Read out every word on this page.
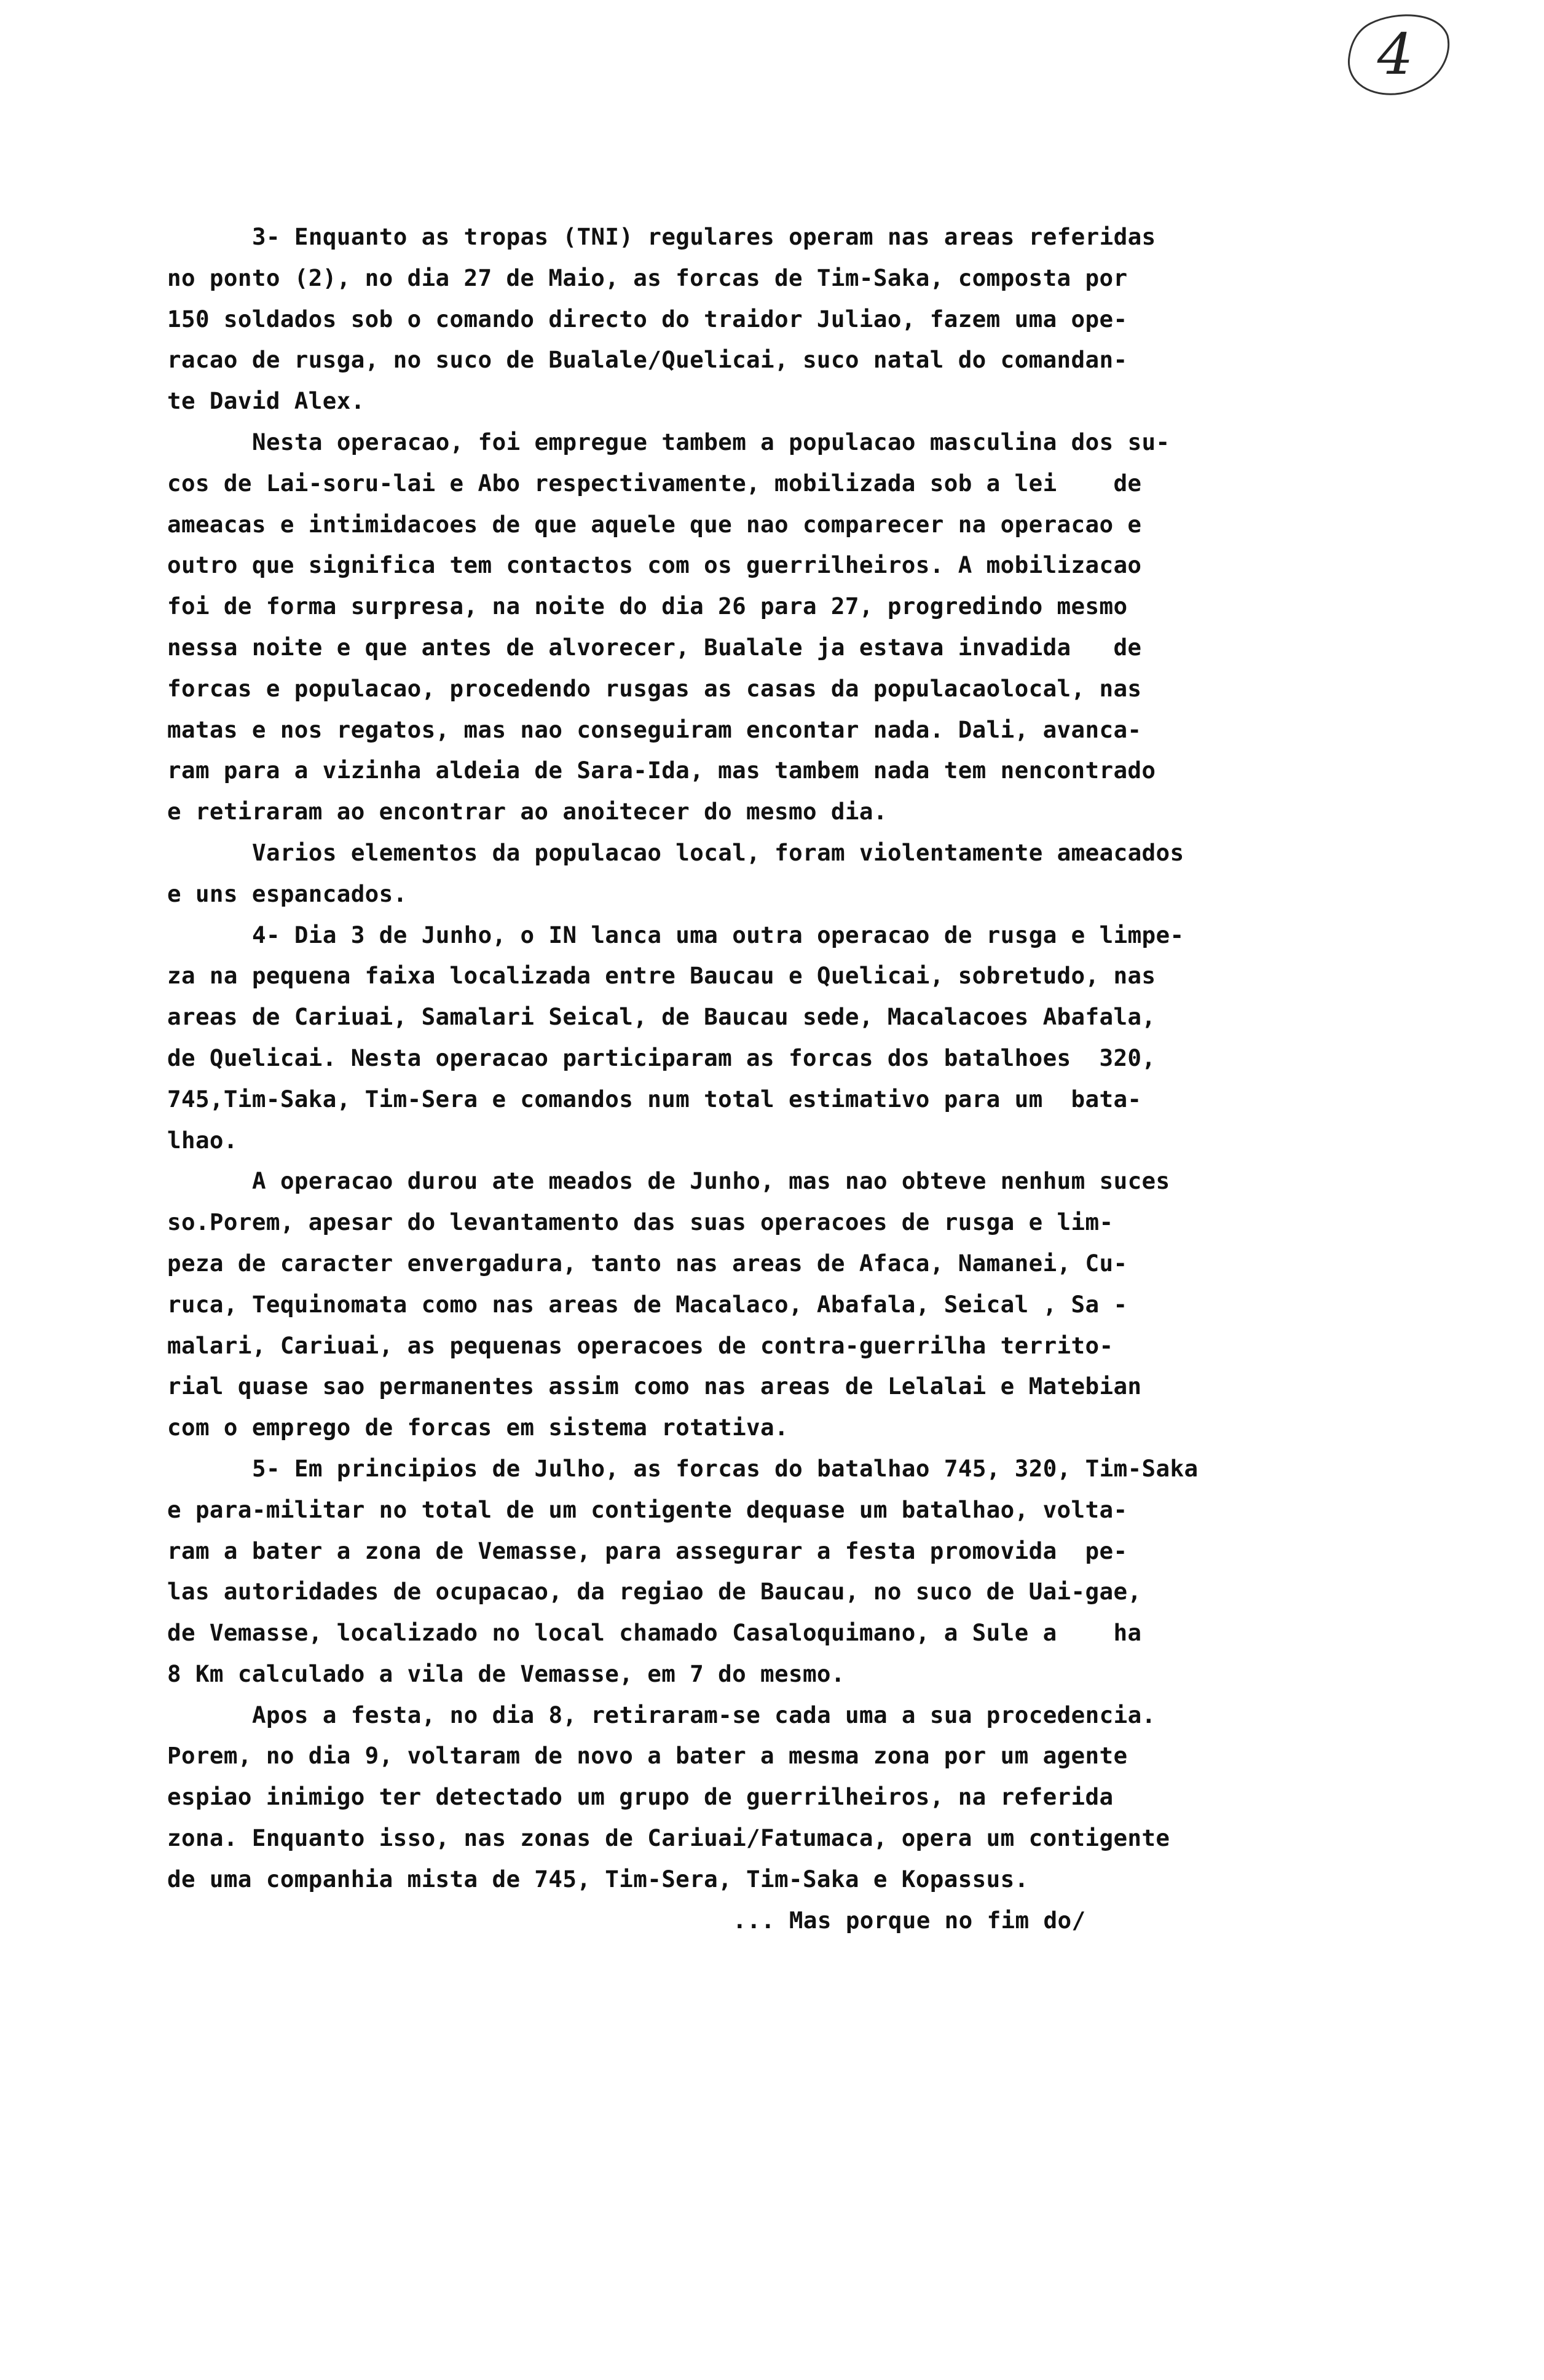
4
3- Enquanto as tropas (TNI) regulares operam nas areas referidas
no ponto (2), no dia 27 de Maio, as forcas de Tim-Saka, composta por
150 soldados sob o comando directo do traidor Juliao, fazem uma ope-
racao de rusga, no suco de Bualale/Quelicai, suco natal do comandan-
te David Alex.
Nesta operacao, foi empregue tambem a populacao masculina dos su-
cos de Lai-soru-lai e Abo respectivamente, mobilizada sob a lei    de
ameacas e intimidacoes de que aquele que nao comparecer na operacao e
outro que significa tem contactos com os guerrilheiros. A mobilizacao
foi de forma surpresa, na noite do dia 26 para 27, progredindo mesmo
nessa noite e que antes de alvorecer, Bualale ja estava invadida   de
forcas e populacao, procedendo rusgas as casas da populacaolocal, nas
matas e nos regatos, mas nao conseguiram encontar nada. Dali, avanca-
ram para a vizinha aldeia de Sara-Ida, mas tambem nada tem nencontrado
e retiraram ao encontrar ao anoitecer do mesmo dia.
Varios elementos da populacao local, foram violentamente ameacados
e uns espancados.
4- Dia 3 de Junho, o IN lanca uma outra operacao de rusga e limpe-
za na pequena faixa localizada entre Baucau e Quelicai, sobretudo, nas
areas de Cariuai, Samalari Seical, de Baucau sede, Macalacoes Abafala,
de Quelicai. Nesta operacao participaram as forcas dos batalhoes  320,
745,Tim-Saka, Tim-Sera e comandos num total estimativo para um  bata-
lhao.
A operacao durou ate meados de Junho, mas nao obteve nenhum suces
so.Porem, apesar do levantamento das suas operacoes de rusga e lim-
peza de caracter envergadura, tanto nas areas de Afaca, Namanei, Cu-
ruca, Tequinomata como nas areas de Macalaco, Abafala, Seical , Sa -
malari, Cariuai, as pequenas operacoes de contra-guerrilha territo-
rial quase sao permanentes assim como nas areas de Lelalai e Matebian
com o emprego de forcas em sistema rotativa.
5- Em principios de Julho, as forcas do batalhao 745, 320, Tim-Saka
e para-militar no total de um contigente dequase um batalhao, volta-
ram a bater a zona de Vemasse, para assegurar a festa promovida  pe-
las autoridades de ocupacao, da regiao de Baucau, no suco de Uai-gae,
de Vemasse, localizado no local chamado Casaloquimano, a Sule a    ha
8 Km calculado a vila de Vemasse, em 7 do mesmo.
Apos a festa, no dia 8, retiraram-se cada uma a sua procedencia.
Porem, no dia 9, voltaram de novo a bater a mesma zona por um agente
espiao inimigo ter detectado um grupo de guerrilheiros, na referida
zona. Enquanto isso, nas zonas de Cariuai/Fatumaca, opera um contigente
de uma companhia mista de 745, Tim-Sera, Tim-Saka e Kopassus.
... Mas porque no fim do/
